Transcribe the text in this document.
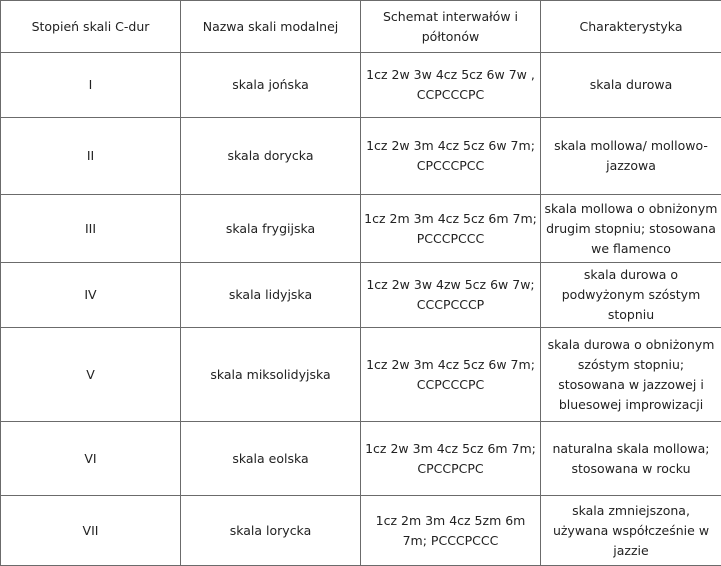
Stopień skali C-dur	Nazwa skali modalnej	Schemat interwałów i półtonów	Charakterystyka
I	skala jońska	1cz 2w 3w 4cz 5cz 6w 7w , CCPCCCPC	skala durowa
II	skala dorycka	1cz 2w 3m 4cz 5cz 6w 7m; CPCCCPCC	skala mollowa/ mollowo-jazzowa
III	skala frygijska	1cz 2m 3m 4cz 5cz 6m 7m; PCCCPCCC	skala mollowa o obniżonym drugim stopniu; stosowana we flamenco
IV	skala lidyjska	1cz 2w 3w 4zw 5cz 6w 7w; CCCPCCCP	skala durowa o podwyżonym szóstym stopniu
V	skala miksolidyjska	1cz 2w 3m 4cz 5cz 6w 7m; CCPCCCPC	skala durowa o obniżonym szóstym stopniu; stosowana w jazzowej i bluesowej improwizacji
VI	skala eolska	1cz 2w 3m 4cz 5cz 6m 7m; CPCCPCPC	naturalna skala mollowa; stosowana w rocku
VII	skala lorycka	1cz 2m 3m 4cz 5zm 6m 7m; PCCCPCCC	skala zmniejszona, używana współcześnie w jazzie
